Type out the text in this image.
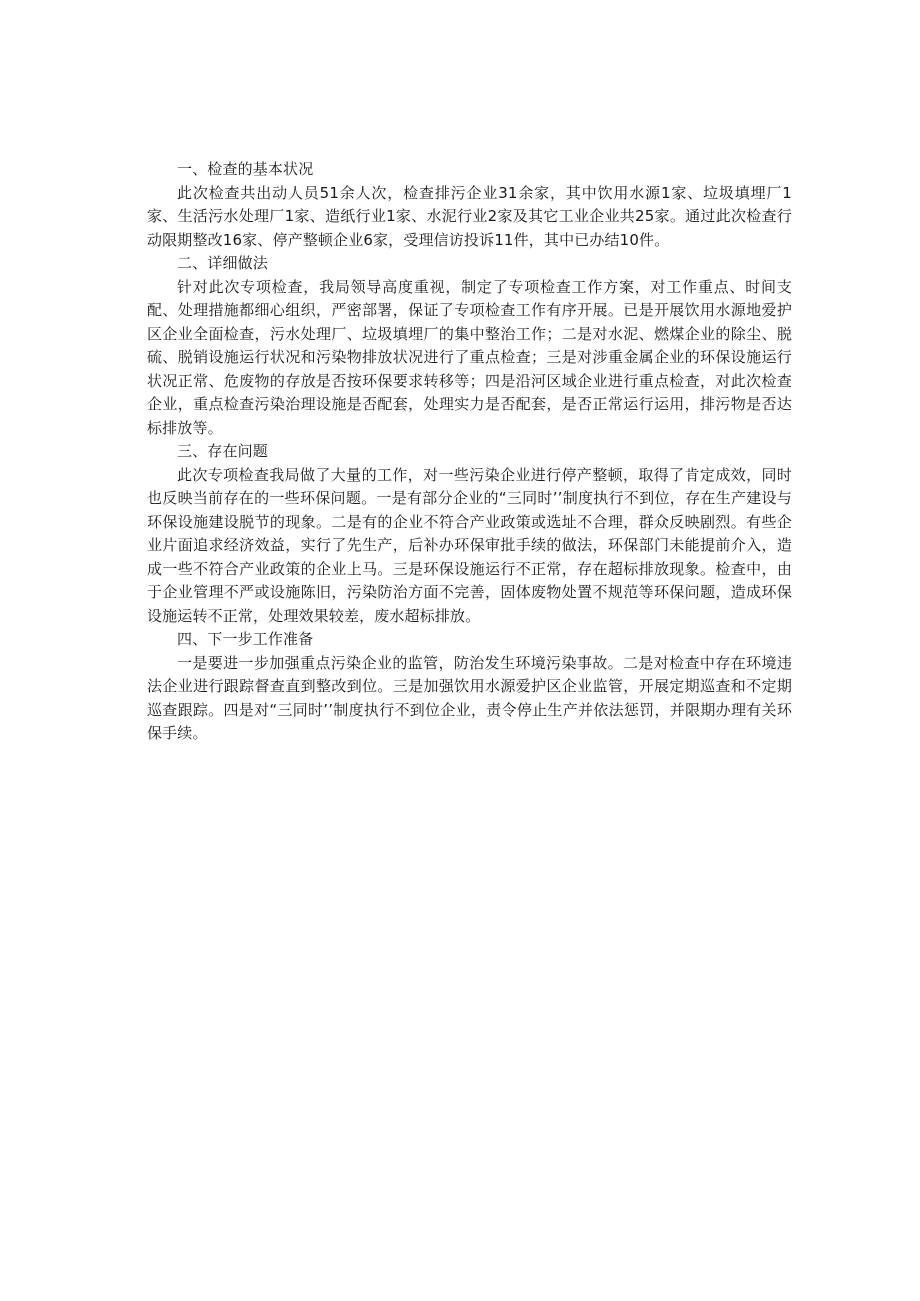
一、检查的基本状况

此次检查共出动人员51余人次，检查排污企业31余家，其中饮用水源1家、垃圾填埋厂1家、生活污水处理厂1家、造纸行业1家、水泥行业2家及其它工业企业共25家。通过此次检查行动限期整改16家、停产整顿企业6家，受理信访投诉11件，其中已办结10件。

二、详细做法

针对此次专项检查，我局领导高度重视，制定了专项检查工作方案，对工作重点、时间支配、处理措施都细心组织，严密部署，保证了专项检查工作有序开展。已是开展饮用水源地爱护区企业全面检查，污水处理厂、垃圾填埋厂的集中整治工作；二是对水泥、燃煤企业的除尘、脱硫、脱销设施运行状况和污染物排放状况进行了重点检查；三是对涉重金属企业的环保设施运行状况正常、危废物的存放是否按环保要求转移等；四是沿河区域企业进行重点检查，对此次检查企业，重点检查污染治理设施是否配套，处理实力是否配套，是否正常运行运用，排污物是否达标排放等。

三、存在问题

此次专项检查我局做了大量的工作，对一些污染企业进行停产整顿，取得了肯定成效，同时也反映当前存在的一些环保问题。一是有部分企业的“三同时’’制度执行不到位，存在生产建设与环保设施建设脱节的现象。二是有的企业不符合产业政策或选址不合理，群众反映剧烈。有些企业片面追求经济效益，实行了先生产，后补办环保审批手续的做法，环保部门未能提前介入，造成一些不符合产业政策的企业上马。三是环保设施运行不正常，存在超标排放现象。检查中，由于企业管理不严或设施陈旧，污染防治方面不完善，固体废物处置不规范等环保问题，造成环保设施运转不正常，处理效果较差，废水超标排放。

四、下一步工作准备

一是要进一步加强重点污染企业的监管，防治发生环境污染事故。二是对检查中存在环境违法企业进行跟踪督查直到整改到位。三是加强饮用水源爱护区企业监管，开展定期巡查和不定期巡查跟踪。四是对“三同时’’制度执行不到位企业，责令停止生产并依法惩罚，并限期办理有关环保手续。
